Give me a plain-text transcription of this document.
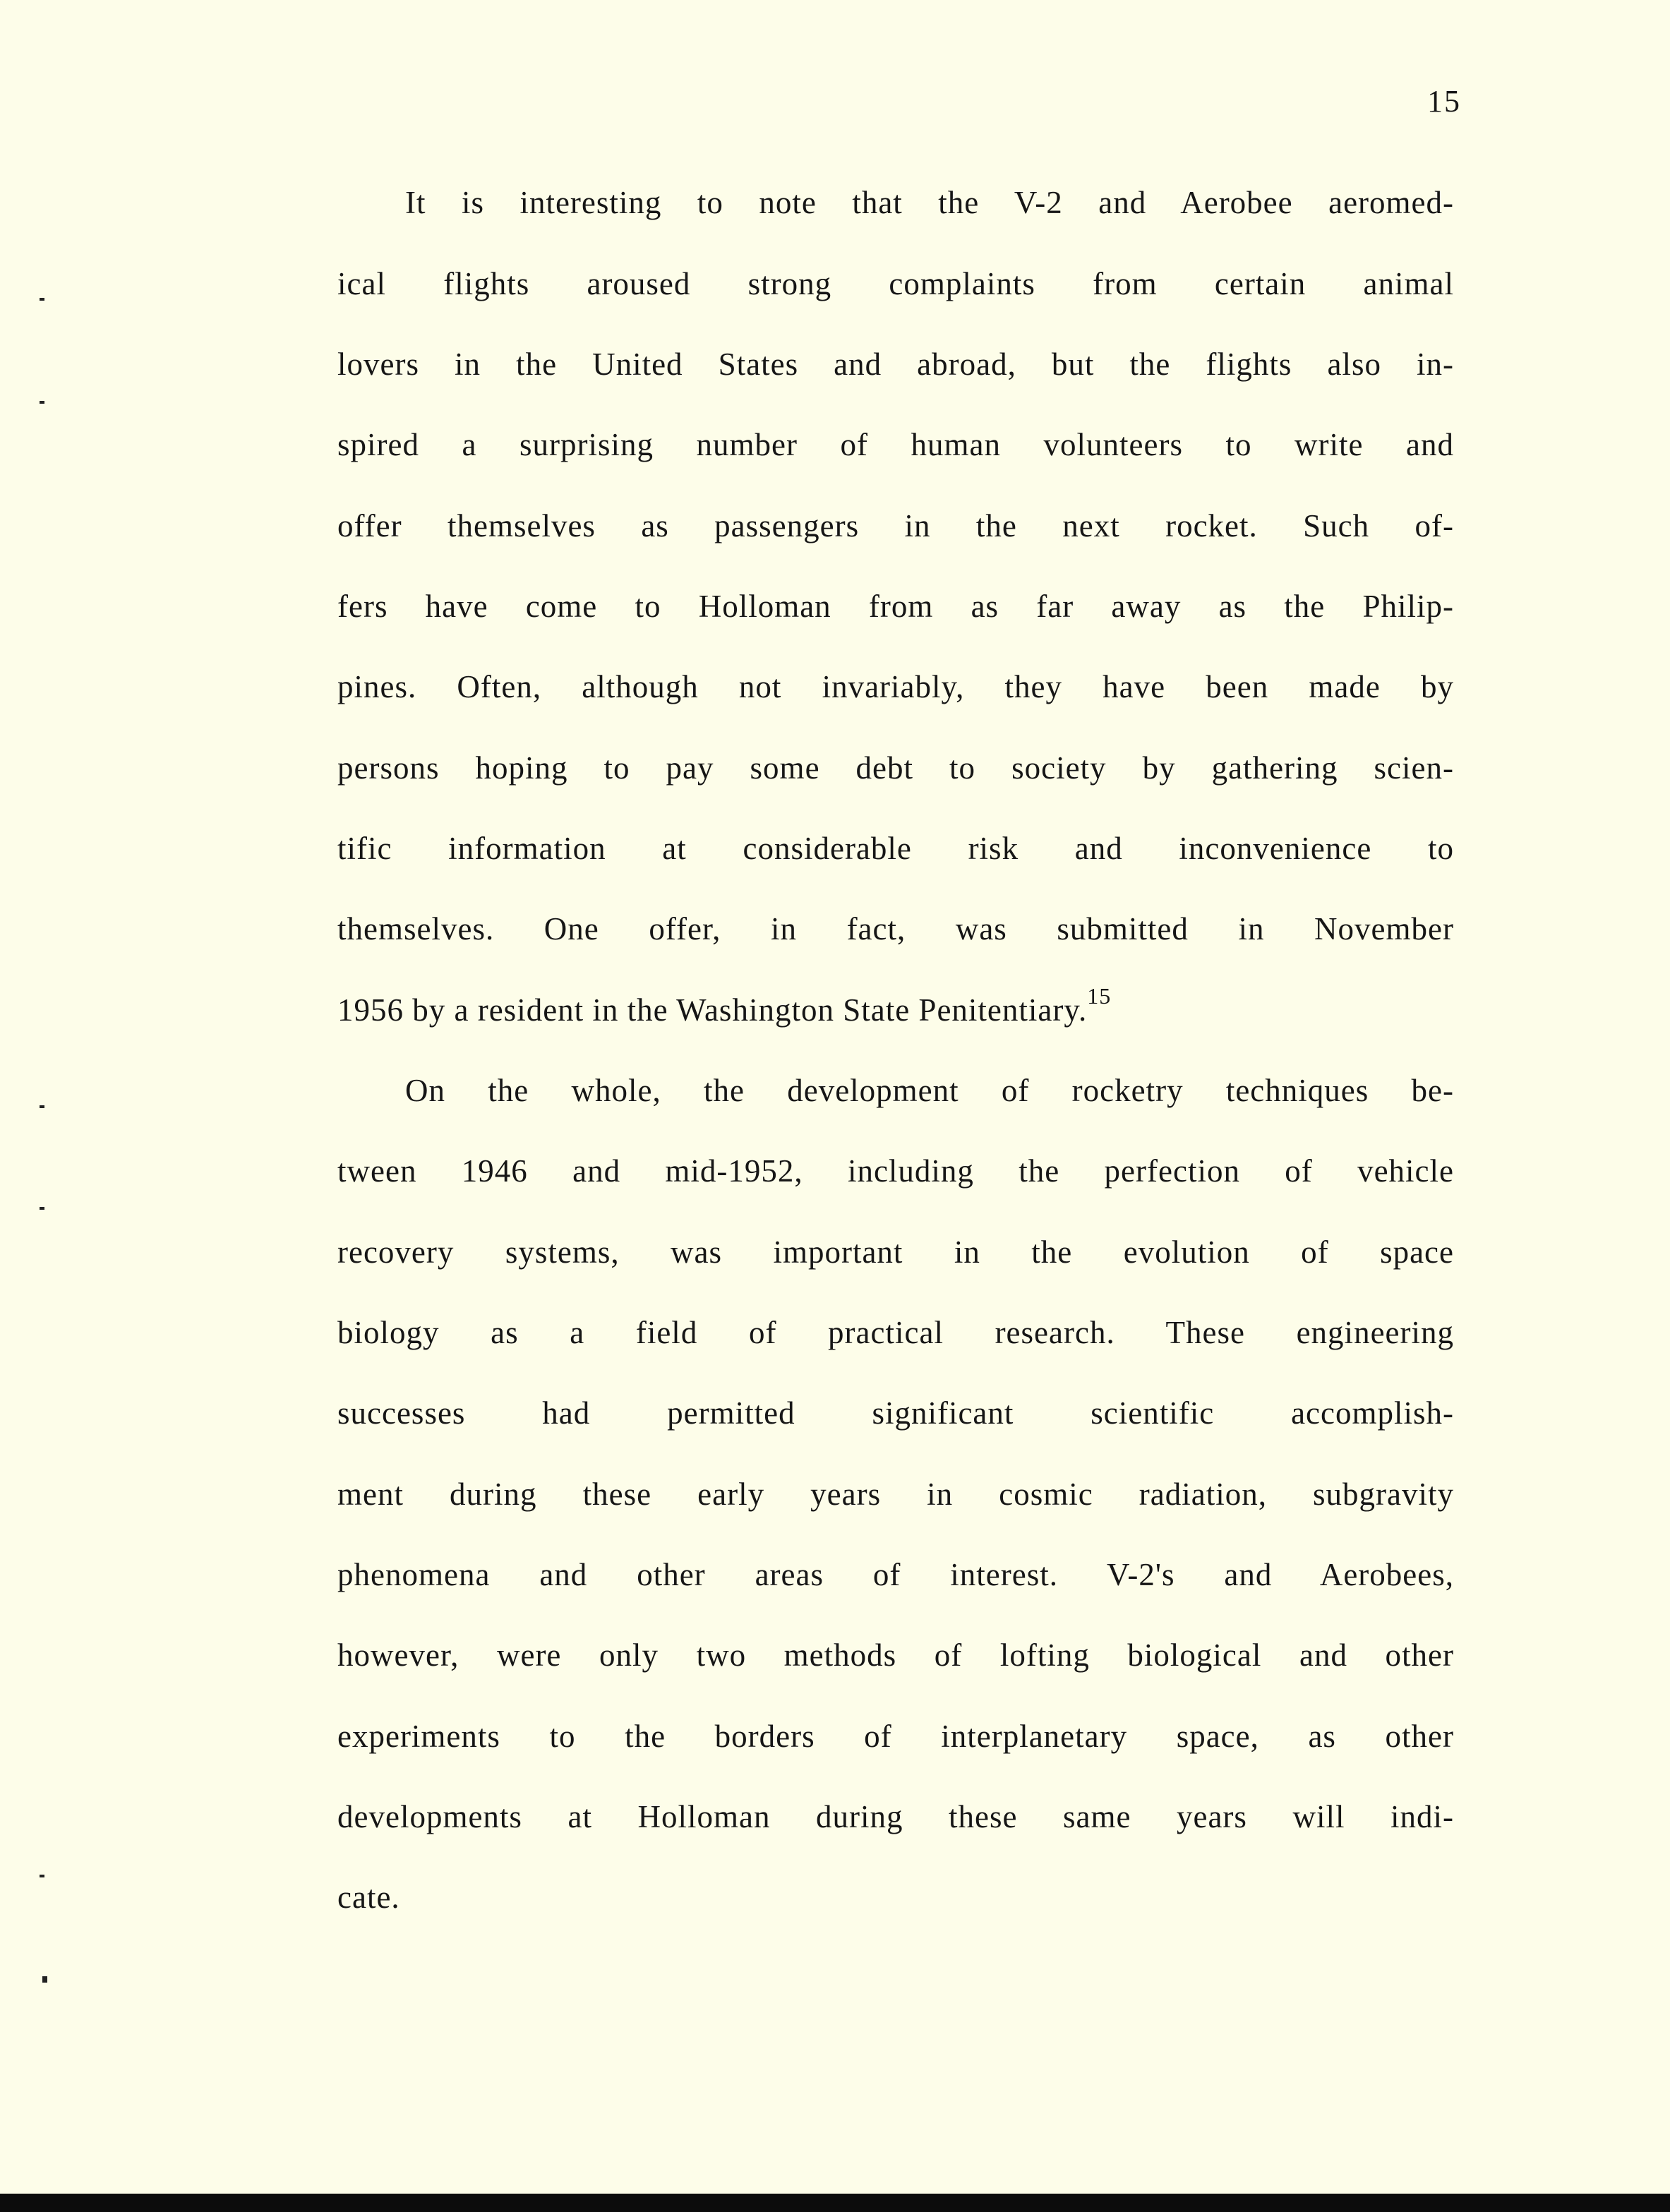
15
It is interesting to note that the V-2 and Aerobee aeromed-
ical flights aroused strong complaints from certain animal
lovers in the United States and abroad, but the flights also in-
spired a surprising number of human volunteers to write and
offer themselves as passengers in the next rocket. Such of-
fers have come to Holloman from as far away as the Philip-
pines. Often, although not invariably, they have been made by
persons hoping to pay some debt to society by gathering scien-
tific information at considerable risk and inconvenience to
themselves. One offer, in fact, was submitted in November
1956 by a resident in the Washington State Penitentiary.$^{15}$
On the whole, the development of rocketry techniques be-
tween 1946 and mid-1952, including the perfection of vehicle
recovery systems, was important in the evolution of space
biology as a field of practical research. These engineering
successes had permitted significant scientific accomplish-
ment during these early years in cosmic radiation, subgravity
phenomena and other areas of interest. V-2's and Aerobees,
however, were only two methods of lofting biological and other
experiments to the borders of interplanetary space, as other
developments at Holloman during these same years will indi-
cate.
